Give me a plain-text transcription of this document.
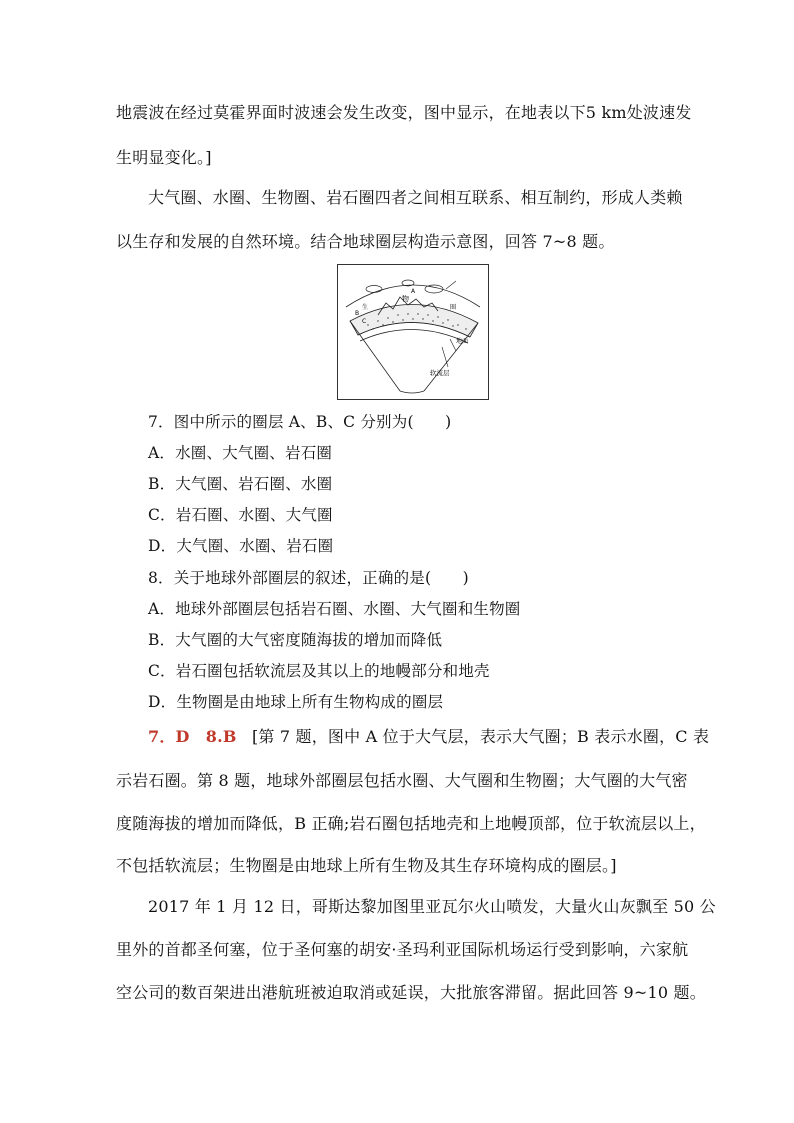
地震波在经过莫霍界面时波速会发生改变，图中显示，在地表以下5 km处波速发
生明显变化。]
大气圈、水圈、生物圈、岩石圈四者之间相互联系、相互制约，形成人类赖
以生存和发展的自然环境。结合地球圈层构造示意图，回答 7~8 题。
A
B
C
物
圈
生
地面
软流层
7．图中所示的圈层 A、B、C 分别为(　　)
A．水圈、大气圈、岩石圈
B．大气圈、岩石圈、水圈
C．岩石圈、水圈、大气圈
D．大气圈、水圈、岩石圈
8．关于地球外部圈层的叙述，正确的是(　　)
A．地球外部圈层包括岩石圈、水圈、大气圈和生物圈
B．大气圈的大气密度随海拔的增加而降低
C．岩石圈包括软流层及其以上的地幔部分和地壳
D．生物圈是由地球上所有生物构成的圈层
7．D　8.B [第 7 题，图中 A 位于大气层，表示大气圈；B 表示水圈，C 表
示岩石圈。第 8 题，地球外部圈层包括水圈、大气圈和生物圈；大气圈的大气密
度随海拔的增加而降低，B 正确;岩石圈包括地壳和上地幔顶部，位于软流层以上，
不包括软流层；生物圈是由地球上所有生物及其生存环境构成的圈层。]
2017 年 1 月 12 日，哥斯达黎加图里亚瓦尔火山喷发，大量火山灰飘至 50 公
里外的首都圣何塞，位于圣何塞的胡安·圣玛利亚国际机场运行受到影响，六家航
空公司的数百架进出港航班被迫取消或延误，大批旅客滞留。据此回答 9~10 题。
